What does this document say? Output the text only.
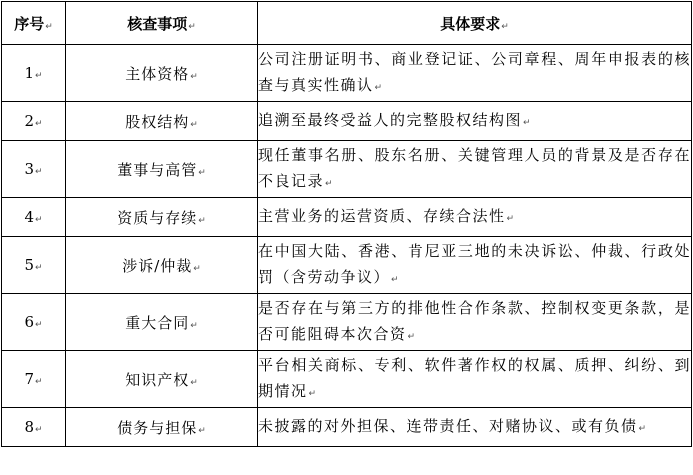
序号↵	核查事项↵	具体要求↵
1↵	主体资格↵	公司注册证明书、商业登记证、公司章程、周年申报表的核查与真实性确认↵
2↵	股权结构↵	追溯至最终受益人的完整股权结构图↵
3↵	董事与高管↵	现任董事名册、股东名册、关键管理人员的背景及是否存在不良记录↵
4↵	资质与存续↵	主营业务的运营资质、存续合法性↵
5↵	涉诉/仲裁↵	在中国大陆、香港、肯尼亚三地的未决诉讼、仲裁、行政处罚（含劳动争议）↵
6↵	重大合同↵	是否存在与第三方的排他性合作条款、控制权变更条款，是否可能阻碍本次合资↵
7↵	知识产权↵	平台相关商标、专利、软件著作权的权属、质押、纠纷、到期情况↵
8↵	债务与担保↵	未披露的对外担保、连带责任、对赌协议、或有负债↵
